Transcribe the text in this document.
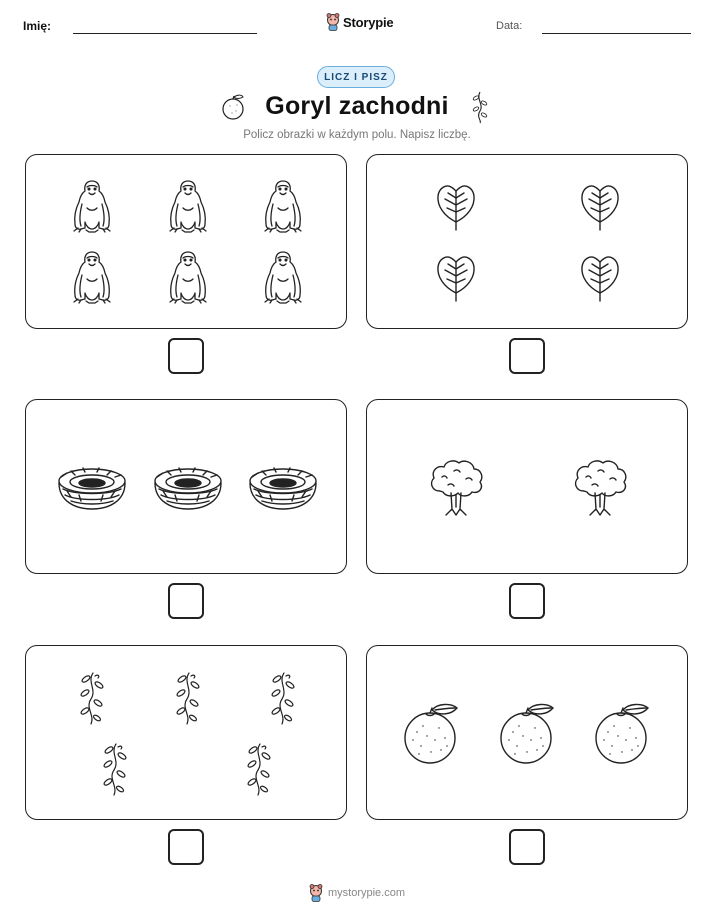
Imię:	Storypie	Data:
LICZ I PISZ
Goryl zachodni
Policz obrazki w każdym polu. Napisz liczbę.
mystorypie.com
